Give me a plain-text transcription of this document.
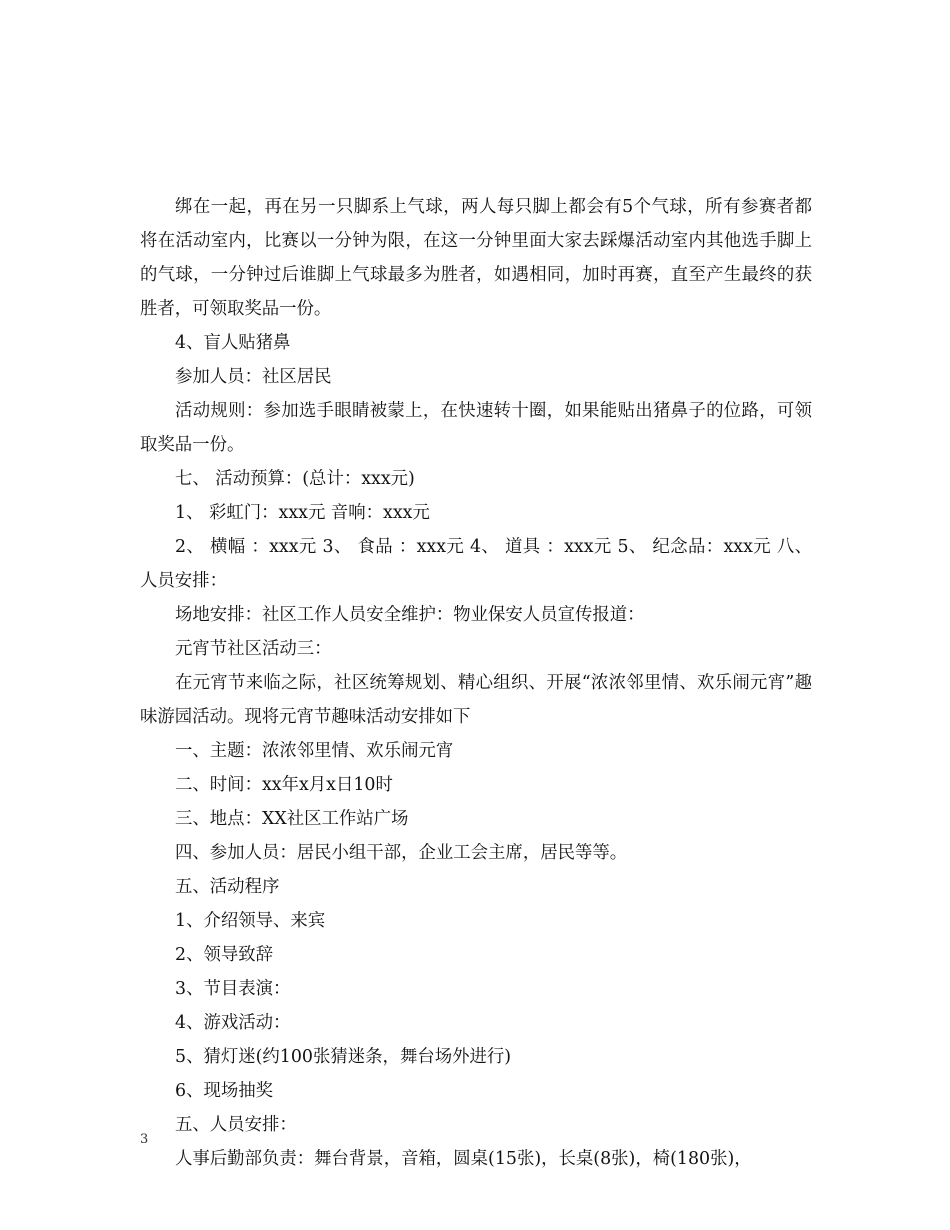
绑在一起，再在另一只脚系上气球，两人每只脚上都会有5个气球，所有参赛者都将在活动室内，比赛以一分钟为限，在这一分钟里面大家去踩爆活动室内其他选手脚上的气球，一分钟过后谁脚上气球最多为胜者，如遇相同，加时再赛，直至产生最终的获胜者，可领取奖品一份。

4、盲人贴猪鼻

参加人员：社区居民

活动规则：参加选手眼睛被蒙上，在快速转十圈，如果能贴出猪鼻子的位路，可领取奖品一份。

七、 活动预算：(总计：xxx元)

1、 彩虹门：xxx元 音响：xxx元

2、 横幅 ：xxx元 3、 食品 ：xxx元 4、 道具 ：xxx元 5、 纪念品：xxx元 八、 人员安排：

场地安排：社区工作人员安全维护：物业保安人员宣传报道：

元宵节社区活动三：

在元宵节来临之际，社区统筹规划、精心组织、开展“浓浓邻里情、欢乐闹元宵”趣味游园活动。现将元宵节趣味活动安排如下

一、主题：浓浓邻里情、欢乐闹元宵

二、时间：xx年x月x日10时

三、地点：XX社区工作站广场

四、参加人员：居民小组干部，企业工会主席，居民等等。

五、活动程序

1、介绍领导、来宾

2、领导致辞

3、节目表演：

4、游戏活动：

5、猜灯迷(约100张猜迷条，舞台场外进行)

6、现场抽奖

五、人员安排：

人事后勤部负责：舞台背景，音箱，圆桌(15张)，长桌(8张)，椅(180张)，

3
